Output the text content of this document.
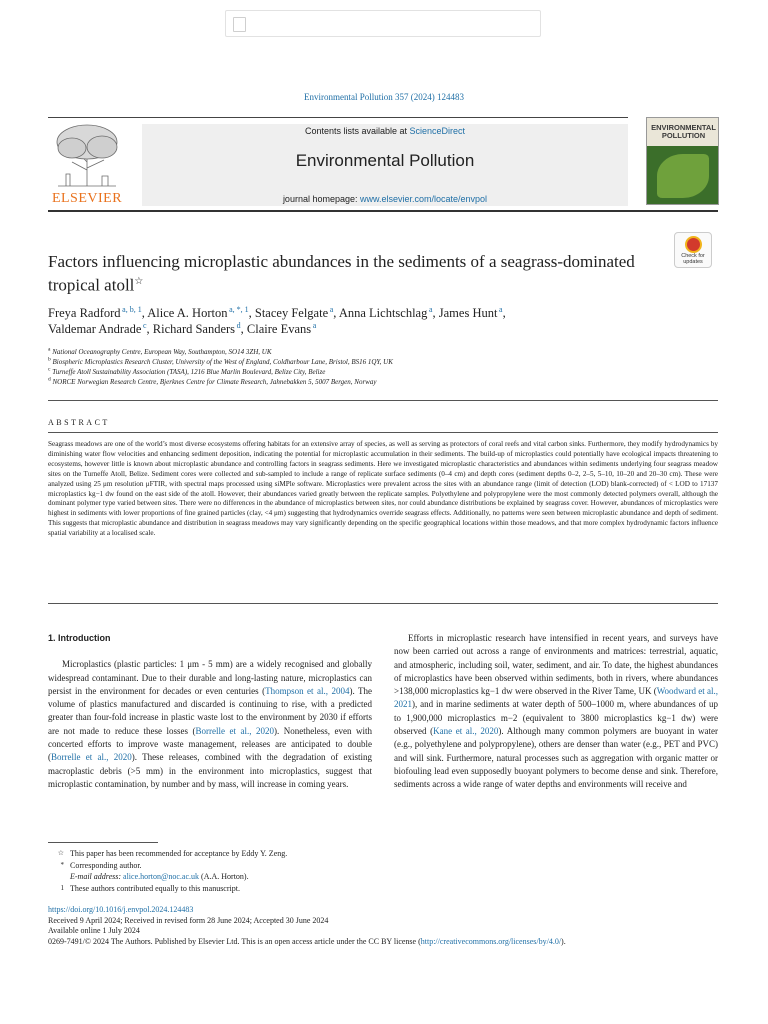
Environmental Pollution 357 (2024) 124483
ELSEVIER
Contents lists available at ScienceDirect
Environmental Pollution
journal homepage: www.elsevier.com/locate/envpol
ENVIRONMENTAL POLLUTION
Check for updates
Factors influencing microplastic abundances in the sediments of a seagrass-dominated tropical atoll☆
Freya Radford $^{a, b, 1}$, Alice A. Horton $^{a, *, 1}$, Stacey Felgate $^a$, Anna Lichtschlag $^a$, James Hunt $^a$,
Valdemar Andrade $^c$, Richard Sanders $^d$, Claire Evans $^a$
$^a$ National Oceanography Centre, European Way, Southampton, SO14 3ZH, UK
$^b$ Biospheric Microplastics Research Cluster, University of the West of England, Coldharbour Lane, Bristol, BS16 1QY, UK
$^c$ Turneffe Atoll Sustainability Association (TASA), 1216 Blue Marlin Boulevard, Belize City, Belize
$^d$ NORCE Norwegian Research Centre, Bjerknes Centre for Climate Research, Jahnebakken 5, 5007 Bergen, Norway
ABSTRACT
Seagrass meadows are one of the world’s most diverse ecosystems offering habitats for an extensive array of species, as well as serving as protectors of coral reefs and vital carbon sinks. Furthermore, they modify hydrodynamics by diminishing water flow velocities and enhancing sediment deposition, indicating the potential for microplastic accumulation in their sediments. The build-up of microplastics could potentially have ecological impacts threatening to ecosystems, however little is known about microplastic abundance and controlling factors in seagrass sediments. Here we investigated microplastic characteristics and abundances within sediments underlying four seagrass meadow sites on the Turneffe Atoll, Belize. Sediment cores were collected and sub-sampled to include a range of replicate surface sediments (0–4 cm) and depth cores (sediment depths 0–2, 2–5, 5–10, 10–20 and 20–30 cm). These were analyzed using 25 μm resolution μFTIR, with spectral maps processed using siMPle software. Microplastics were prevalent across the sites with an abundance range (limit of detection (LOD) blank-corrected) of < LOD to 17137 microplastics kg−1 dw found on the east side of the atoll. However, their abundances varied greatly between the replicate samples. Polyethylene and polypropylene were the most commonly detected polymers overall, although the dominant polymer type varied between sites. There were no differences in the abundance of microplastics between sites, nor could abundance distributions be explained by seagrass cover. However, abundances of microplastics were highest in sediments with lower proportions of fine grained particles (clay, <4 μm) suggesting that hydrodynamics override seagrass effects. Additionally, no patterns were seen between microplastic abundance and depth of sediment. This suggests that microplastic abundance and distribution in seagrass meadows may vary significantly depending on the specific geographical locations within those meadows, and that more complex hydrodynamic factors influence spatial variability at a localised scale.

1. Introduction

Microplastics (plastic particles: 1 μm - 5 mm) are a widely recognised and globally widespread contaminant. Due to their durable and long-lasting nature, microplastics can persist in the environment for decades or even centuries (Thompson et al., 2004). The volume of plastics manufactured and discarded is continuing to rise, with a predicted greater than four-fold increase in plastic waste lost to the environment by 2030 if efforts are not made to reduce these losses (Borrelle et al., 2020). Nonetheless, even with concerted efforts to improve waste management, releases are anticipated to double (Borrelle et al., 2020). These releases, combined with the degradation of existing macroplastic debris (>5 mm) in the environment into microplastics, suggest that microplastic contamination, by number and by mass, will increase in coming years.

Efforts in microplastic research have intensified in recent years, and surveys have now been carried out across a range of environments and matrices: terrestrial, aquatic, and atmospheric, including soil, water, sediment, and air. To date, the highest abundances of microplastics have been observed within sediments, both in rivers, where abundances >138,000 microplastics kg−1 dw were observed in the River Tame, UK (Woodward et al., 2021), and in marine sediments at water depth of 500–1000 m, where abundances of up to 1,900,000 microplastics m−2 (equivalent to 3800 microplastics kg−1 dw) were observed (Kane et al., 2020). Although many common polymers are buoyant in water (e.g., polyethylene and polypropylene), others are denser than water (e.g., PET and PVC) and will sink. Furthermore, natural processes such as aggregation with organic matter or biofouling lead even supposedly buoyant polymers to become dense and sink. Therefore, sediments across a wide range of water depths and environments will receive and

☆ This paper has been recommended for acceptance by Eddy Y. Zeng.
* Corresponding author.
E-mail address: alice.horton@noc.ac.uk (A.A. Horton).
1 These authors contributed equally to this manuscript.
https://doi.org/10.1016/j.envpol.2024.124483
Received 9 April 2024; Received in revised form 28 June 2024; Accepted 30 June 2024
Available online 1 July 2024
0269-7491/© 2024 The Authors. Published by Elsevier Ltd. This is an open access article under the CC BY license (http://creativecommons.org/licenses/by/4.0/).
